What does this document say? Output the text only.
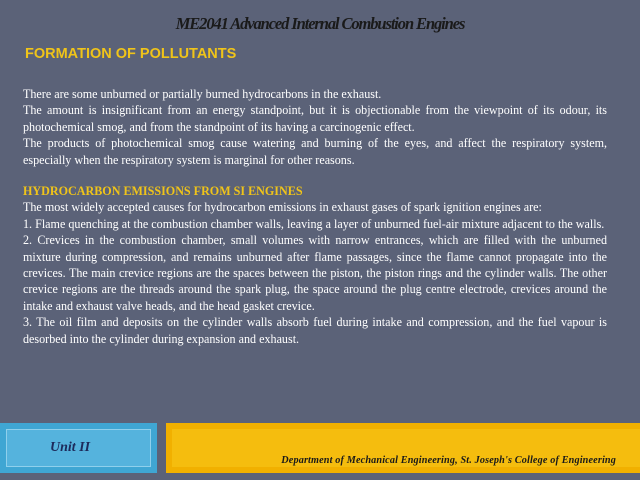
ME2041 Advanced Internal Combustion Engines
FORMATION OF POLLUTANTS

There are some unburned or partially burned hydrocarbons in the exhaust.

The amount is insignificant from an energy standpoint, but it is objectionable from the viewpoint of its odour, its photochemical smog, and from the standpoint of its having a carcinogenic effect.

The products of photochemical smog cause watering and burning of the eyes, and affect the respiratory system, especially when the respiratory system is marginal for other reasons.

HYDROCARBON EMISSIONS FROM SI ENGINES

The most widely accepted causes for hydrocarbon emissions in exhaust gases of spark ignition engines are:

1. Flame quenching at the combustion chamber walls, leaving a layer of unburned fuel-air mixture adjacent to the walls.

2. Crevices in the combustion chamber, small volumes with narrow entrances, which are filled with the unburned mixture during compression, and remains unburned after flame passages, since the flame cannot propagate into the crevices. The main crevice regions are the spaces between the piston, the piston rings and the cylinder walls. The other crevice regions are the threads around the spark plug, the space around the plug centre electrode, crevices around the intake and exhaust valve heads, and the head gasket crevice.

3. The oil film and deposits on the cylinder walls absorb fuel during intake and compression, and the fuel vapour is desorbed into the cylinder during expansion and exhaust.

Unit II
Department of Mechanical Engineering, St. Joseph's College of Engineering
